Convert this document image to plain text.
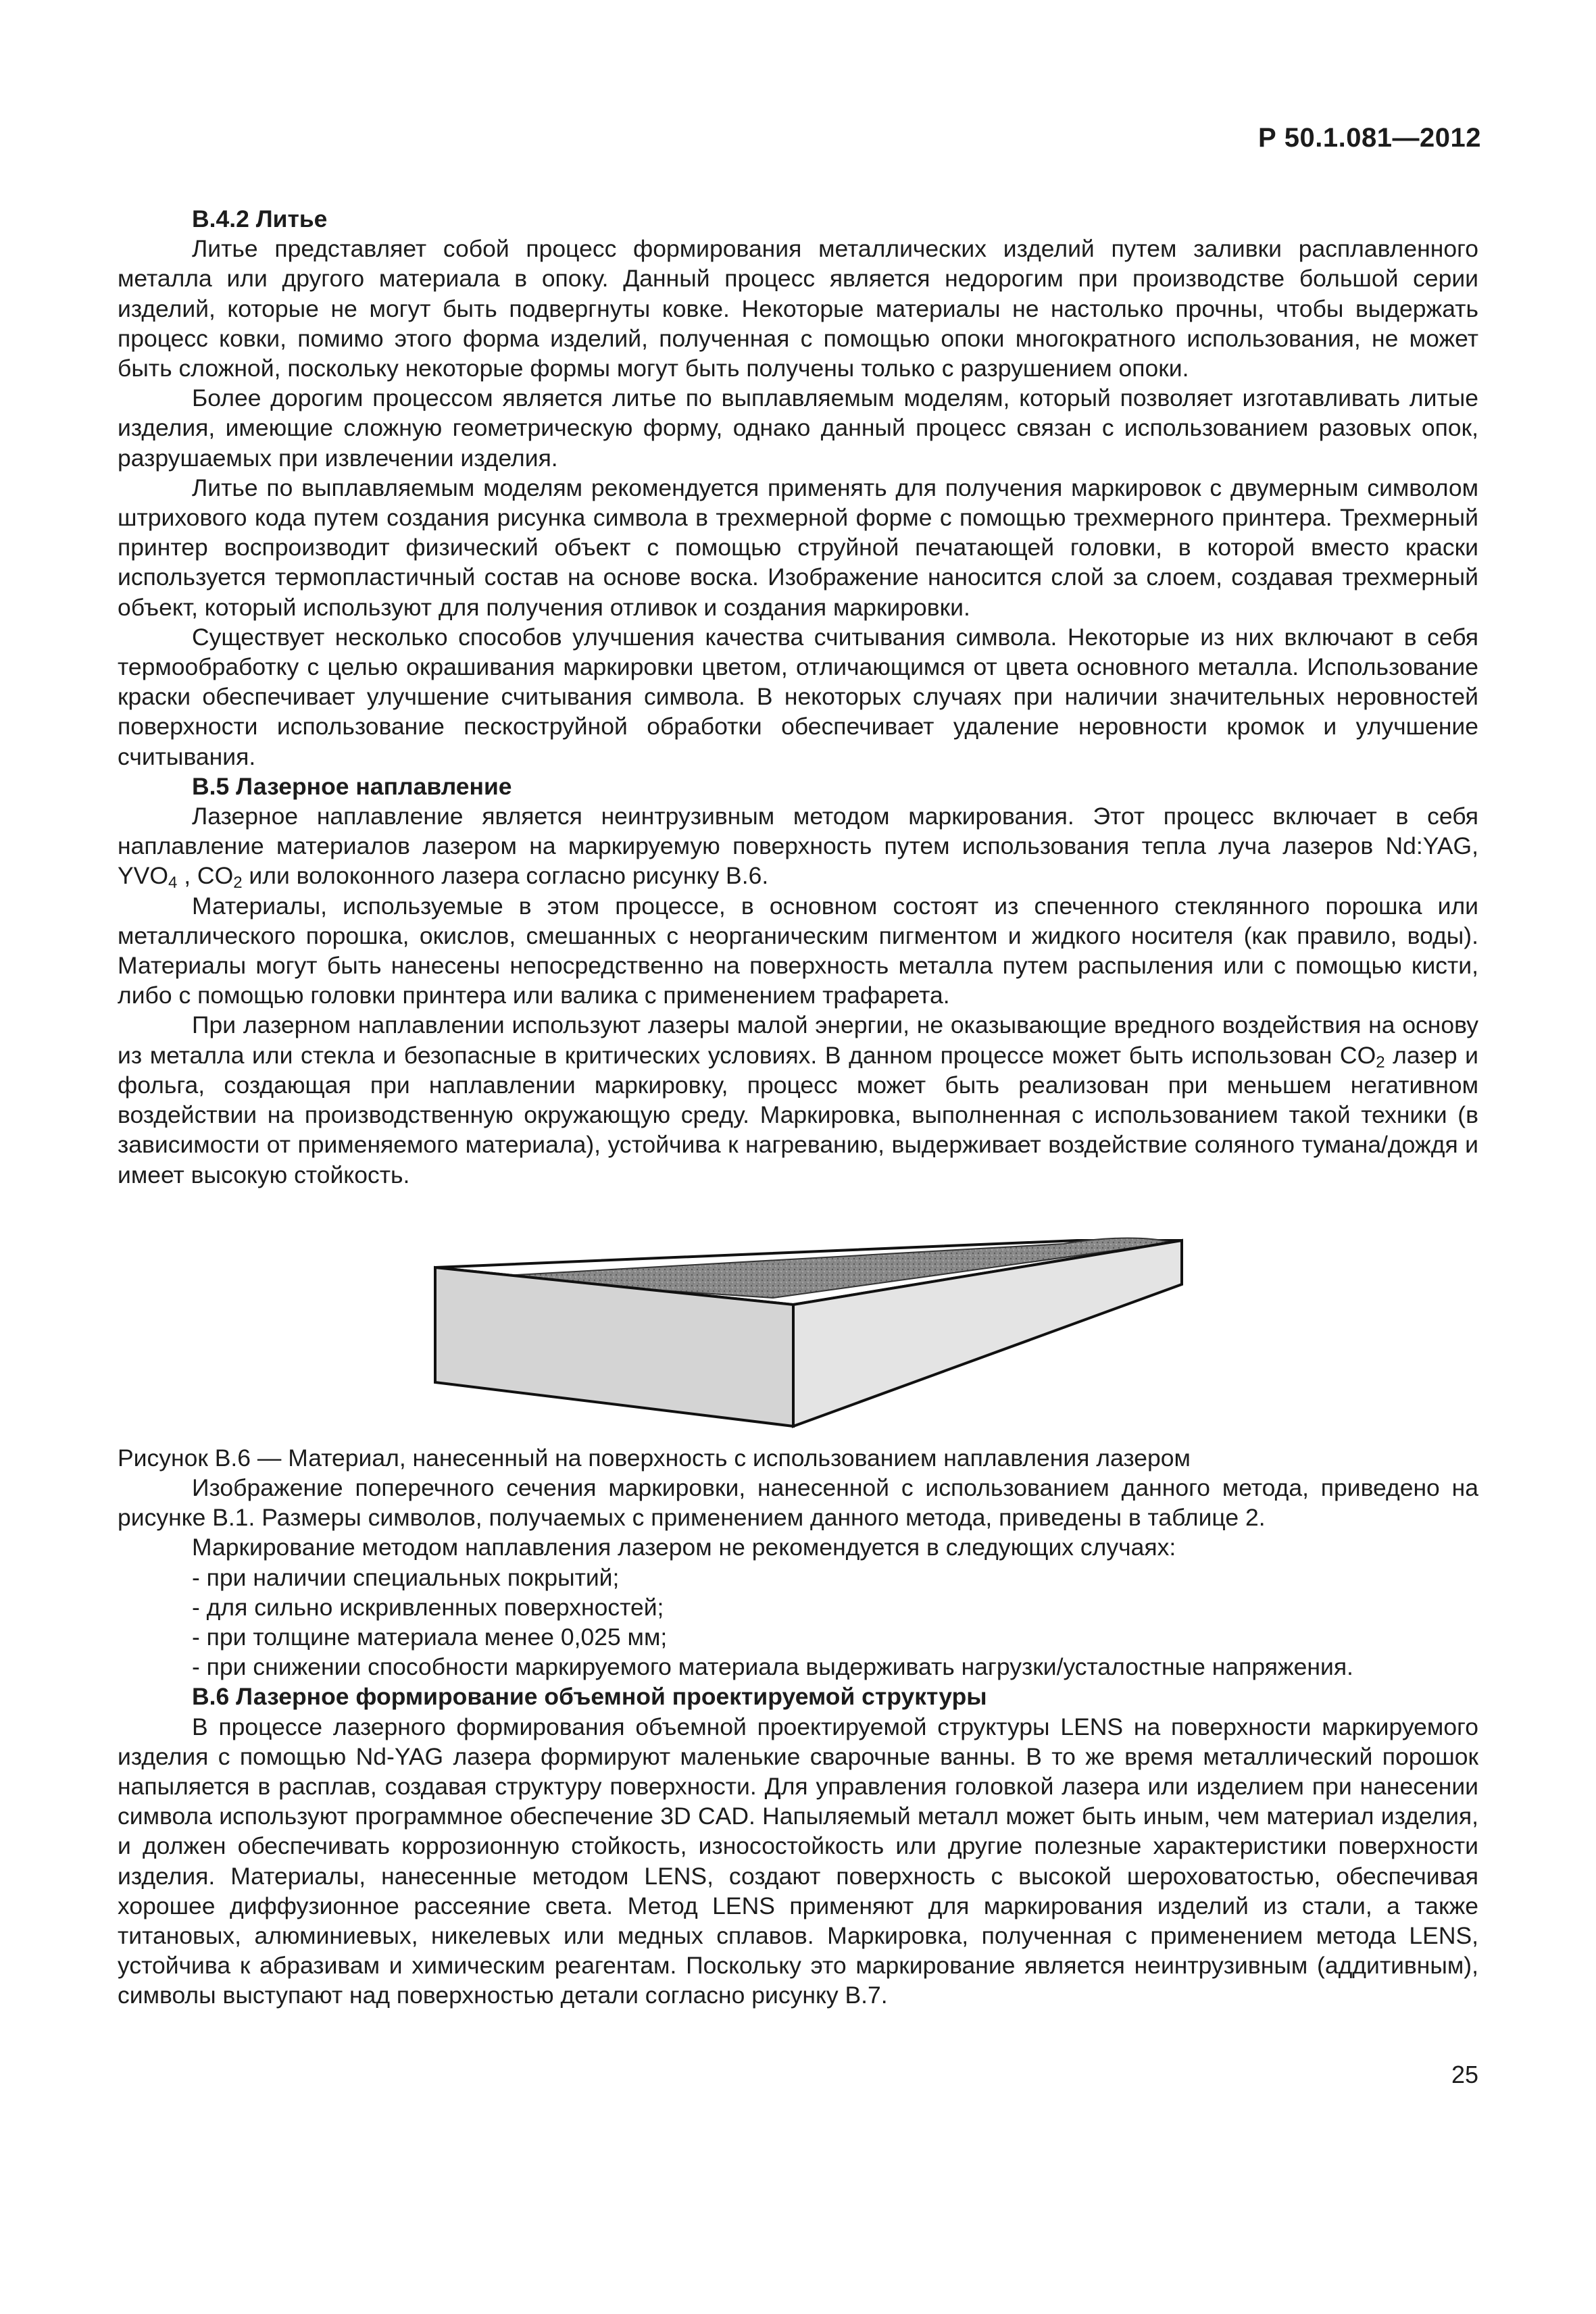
Р 50.1.081—2012
В.4.2 Литье

Литье представляет собой процесс формирования металлических изделий путем заливки расплавленного металла или другого материала в опоку. Данный процесс является недорогим при производстве большой серии изделий, которые не могут быть подвергнуты ковке. Некоторые материалы не настолько прочны, чтобы выдержать процесс ковки, помимо этого форма изделий, полученная с помощью опоки многократного использования, не может быть сложной, поскольку некоторые формы могут быть получены только с разрушением опоки.

Более дорогим процессом является литье по выплавляемым моделям, который позволяет изготавливать литые изделия, имеющие сложную геометрическую форму, однако данный процесс связан с использованием разовых опок, разрушаемых при извлечении изделия.

Литье по выплавляемым моделям рекомендуется применять для получения маркировок с двумерным символом штрихового кода путем создания рисунка символа в трехмерной форме с помощью трехмерного принтера. Трехмерный принтер воспроизводит физический объект с помощью струйной печатающей головки, в которой вместо краски используется термопластичный состав на основе воска. Изображение наносится слой за слоем, создавая трехмерный объект, который используют для получения отливок и создания маркировки.

Существует несколько способов улучшения качества считывания символа. Некоторые из них включают в себя термообработку с целью окрашивания маркировки цветом, отличающимся от цвета основного металла. Использование краски обеспечивает улучшение считывания символа. В некоторых случаях при наличии значительных неровностей поверхности использование пескоструйной обработки обеспечивает удаление неровности кромок и улучшение считывания.

В.5 Лазерное наплавление

Лазерное наплавление является неинтрузивным методом маркирования. Этот процесс включает в себя наплавление материалов лазером на маркируемую поверхность путем использования тепла луча лазеров Nd:YAG, $YVO_4$ , $CO_2$ или волоконного лазера согласно рисунку В.6.

Материалы, используемые в этом процессе, в основном состоят из спеченного стеклянного порошка или металлического порошка, окислов, смешанных с неорганическим пигментом и жидкого носителя (как правило, воды). Материалы могут быть нанесены непосредственно на поверхность металла путем распыления или с помощью кисти, либо с помощью головки принтера или валика с применением трафарета.

При лазерном наплавлении используют лазеры малой энергии, не оказывающие вредного воздействия на основу из металла или стекла и безопасные в критических условиях. В данном процессе может быть использован $CO_2$ лазер и фольга, создающая при наплавлении маркировку, процесс может быть реализован при меньшем негативном воздействии на производственную окружающую среду. Маркировка, выполненная с использованием такой техники (в зависимости от применяемого материала), устойчива к нагреванию, выдерживает воздействие соляного тумана/дождя и имеет высокую стойкость.

Рисунок В.6 — Материал, нанесенный на поверхность с использованием наплавления лазером

Изображение поперечного сечения маркировки, нанесенной с использованием данного метода, приведено на рисунке В.1. Размеры символов, получаемых с применением данного метода, приведены в таблице 2.

Маркирование методом наплавления лазером не рекомендуется в следующих случаях:

- при наличии специальных покрытий;

- для сильно искривленных поверхностей;

- при толщине материала менее 0,025 мм;

- при снижении способности маркируемого материала выдерживать нагрузки/усталостные напряжения.

В.6 Лазерное формирование объемной проектируемой структуры

В процессе лазерного формирования объемной проектируемой структуры LENS на поверхности маркируемого изделия с помощью Nd-YAG лазера формируют маленькие сварочные ванны. В то же время металлический порошок напыляется в расплав, создавая структуру поверхности. Для управления головкой лазера или изделием при нанесении символа используют программное обеспечение 3D CAD. Напыляемый металл может быть иным, чем материал изделия, и должен обеспечивать коррозионную стойкость, износостойкость или другие полезные характеристики поверхности изделия. Материалы, нанесенные методом LENS, создают поверхность с высокой шероховатостью, обеспечивая хорошее диффузионное рассеяние света. Метод LENS применяют для маркирования изделий из стали, а также титановых, алюминиевых, никелевых или медных сплавов. Маркировка, полученная с применением метода LENS, устойчива к абразивам и химическим реагентам. Поскольку это маркирование является неинтрузивным (аддитивным), символы выступают над поверхностью детали согласно рисунку В.7.

25
